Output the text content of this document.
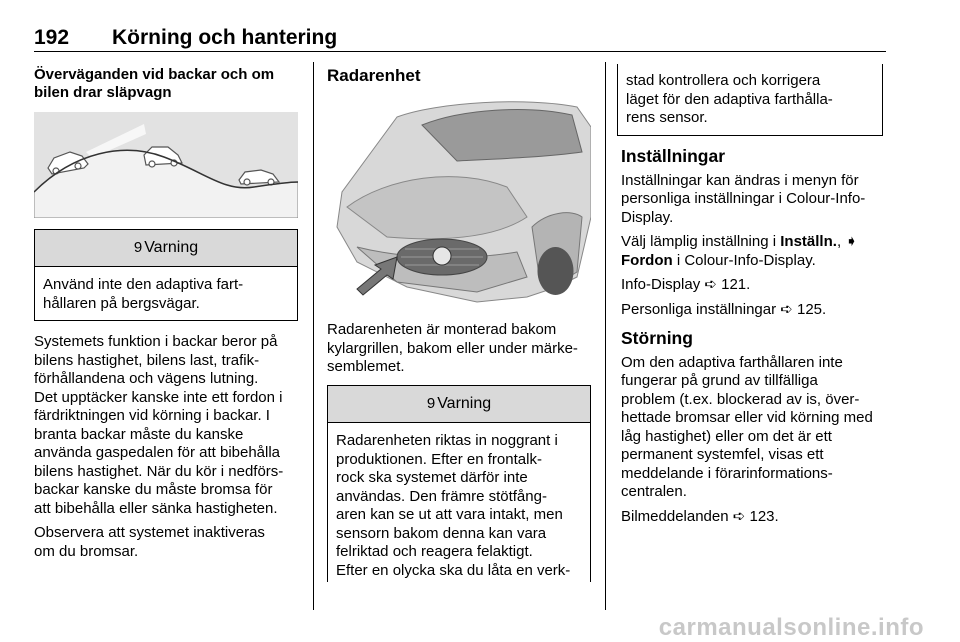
192 Körning och hantering
Överväganden vid backar och om
bilen drar släpvagn
9 Varning
Använd inte den adaptiva fart-
hållaren på bergsvägar.

Systemets funktion i backar beror på
bilens hastighet, bilens last, trafik-
förhållandena och vägens lutning.
Det upptäcker kanske inte ett fordon i
färdriktningen vid körning i backar. I
branta backar måste du kanske
använda gaspedalen för att bibehålla
bilens hastighet. När du kör i nedförs-
backar kanske du måste bromsa för
att bibehålla eller sänka hastigheten.

Observera att systemet inaktiveras
om du bromsar.

Radarenhet
Radarenheten är monterad bakom
kylargrillen, bakom eller under märke-
semblemet.
9 Varning
Radarenheten riktas in noggrant i
produktionen. Efter en frontalk-
rock ska systemet därför inte
användas. Den främre stötfång-
aren kan se ut att vara intakt, men
sensorn bakom denna kan vara
felriktad och reagera felaktigt.
Efter en olycka ska du låta en verk-
stad kontrollera och korrigera
läget för den adaptiva farthålla-
rens sensor.
Inställningar

Inställningar kan ändras i menyn för
personliga inställningar i Colour-Info-
Display.

Välj lämplig inställning i Inställn., ➧
Fordon i Colour-Info-Display.

Info-Display ➪ 121.

Personliga inställningar ➪ 125.

Störning

Om den adaptiva farthållaren inte
fungerar på grund av tillfälliga
problem (t.ex. blockerad av is, över-
hettade bromsar eller vid körning med
låg hastighet) eller om det är ett
permanent systemfel, visas ett
meddelande i förarinformations-
centralen.

Bilmeddelanden ➪ 123.

carmanualsonline.info
